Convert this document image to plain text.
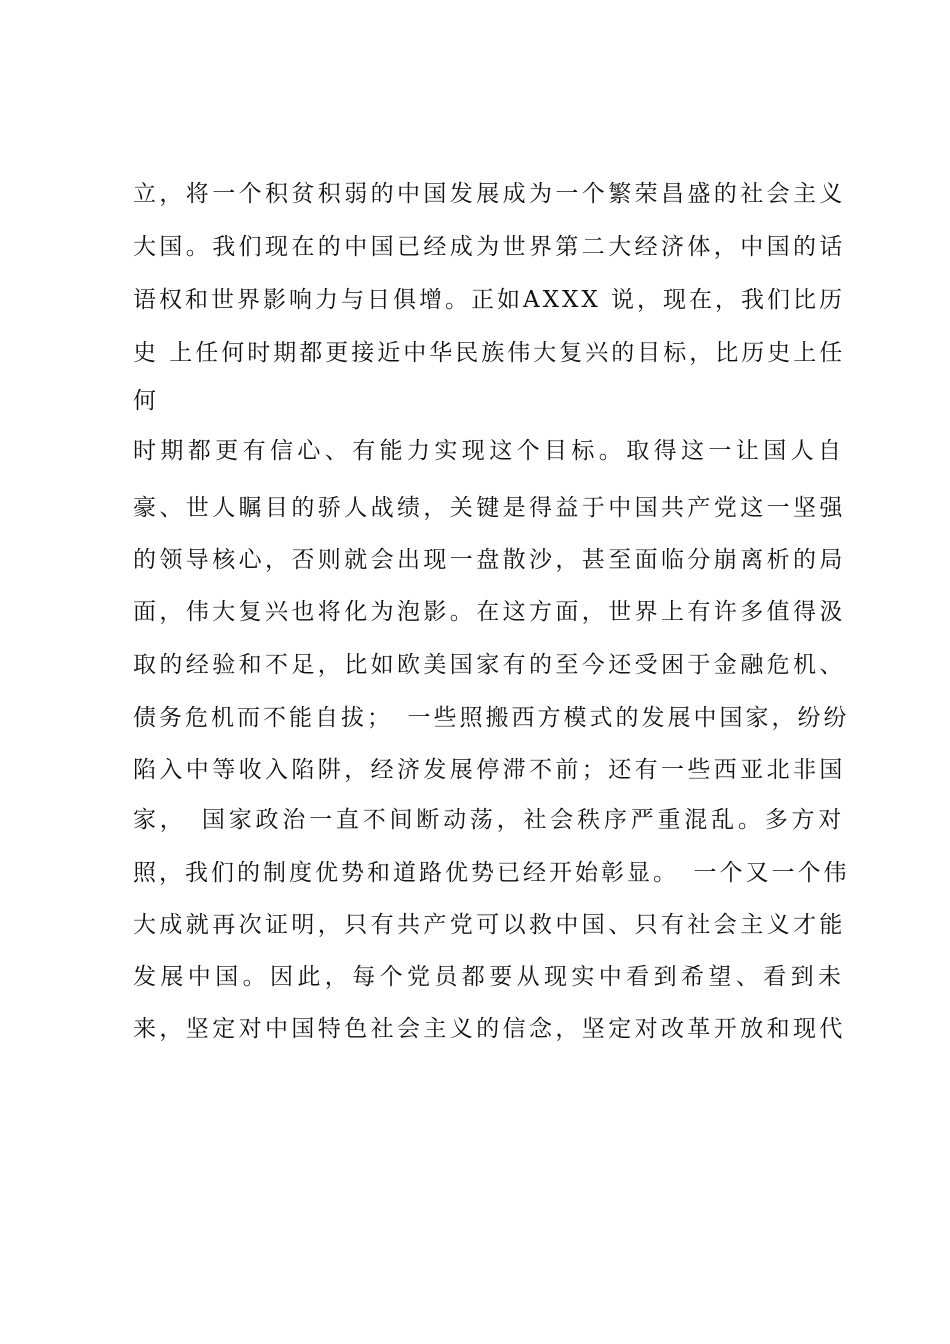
立，将一个积贫积弱的中国发展成为一个繁荣昌盛的社会主义
大国。我们现在的中国已经成为世界第二大经济体，中国的话
语权和世界影响力与日俱增。正如AXXX 说，现在，我们比历
史 上任何时期都更接近中华民族伟大复兴的目标，比历史上任
何
时期都更有信心、有能力实现这个目标。取得这一让国人自
豪、世人瞩目的骄人战绩，关键是得益于中国共产党这一坚强
的领导核心，否则就会出现一盘散沙，甚至面临分崩离析的局
面，伟大复兴也将化为泡影。在这方面，世界上有许多值得汲
取的经验和不足，比如欧美国家有的至今还受困于金融危机、
债务危机而不能自拔；　一些照搬西方模式的发展中国家，纷纷
陷入中等收入陷阱，经济发展停滞不前；还有一些西亚北非国
家，　国家政治一直不间断动荡，社会秩序严重混乱。多方对
照，我们的制度优势和道路优势已经开始彰显。　一个又一个伟
大成就再次证明，只有共产党可以救中国、只有社会主义才能
发展中国。因此，每个党员都要从现实中看到希望、看到未
来，坚定对中国特色社会主义的信念，坚定对改革开放和现代
